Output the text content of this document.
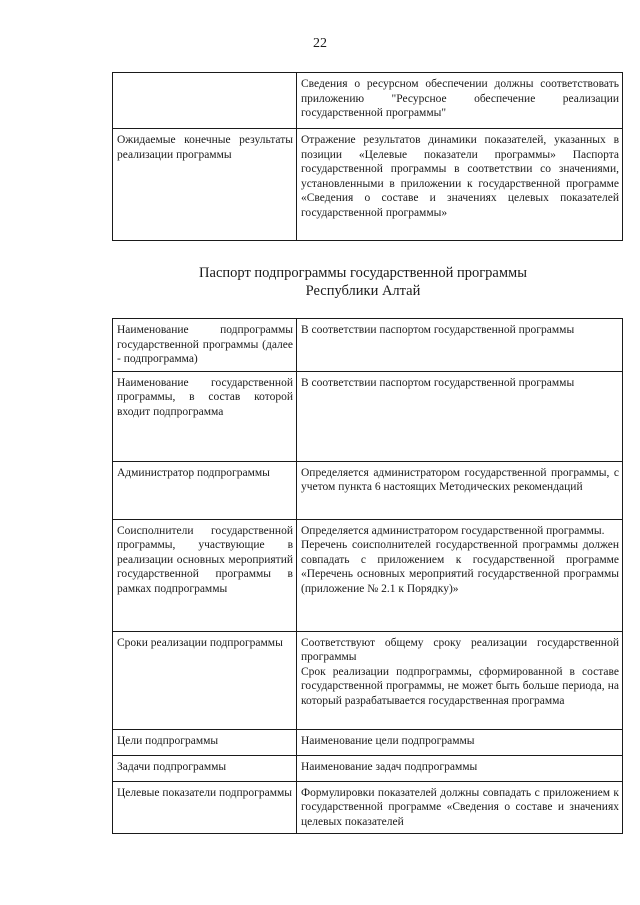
22
	Сведения о ресурсном обеспечении должны соответствовать приложению "Ресурсное обеспечение реализации государственной программы"
Ожидаемые конечные результаты реализации программы	Отражение результатов динамики показателей, указанных в позиции «Целевые показатели программы» Паспорта государственной программы в соответствии со значениями, установленными в приложении к государственной программе «Сведения о составе и значениях целевых показателей государственной программы»
Паспорт подпрограммы государственной программы
Республики Алтай
Наименование подпрограммы государственной программы (далее - подпрограмма)	В соответствии паспортом государственной программы
Наименование государственной программы, в состав которой входит подпрограмма	В соответствии паспортом государственной программы
Администратор подпрограммы	Определяется администратором государственной программы, с учетом пункта 6 настоящих Методических рекомендаций
Соисполнители государственной программы, участвующие в реализации основных мероприятий государственной программы в рамках подпрограммы	Определяется администратором государственной программы.
Перечень соисполнителей государственной программы должен совпадать с приложением к государственной программе «Перечень основных мероприятий государственной программы (приложение № 2.1 к Порядку)»

Сроки реализации подпрограммы	Соответствуют общему сроку реализации государственной программы
Срок реализации подпрограммы, сформированной в составе государственной программы, не может быть больше периода, на который разрабатывается государственная программа

Цели подпрограммы	Наименование цели подпрограммы
Задачи подпрограммы	Наименование задач подпрограммы
Целевые показатели подпрограммы	Формулировки показателей должны совпадать с приложением к государственной программе «Сведения о составе и значениях целевых показателей
